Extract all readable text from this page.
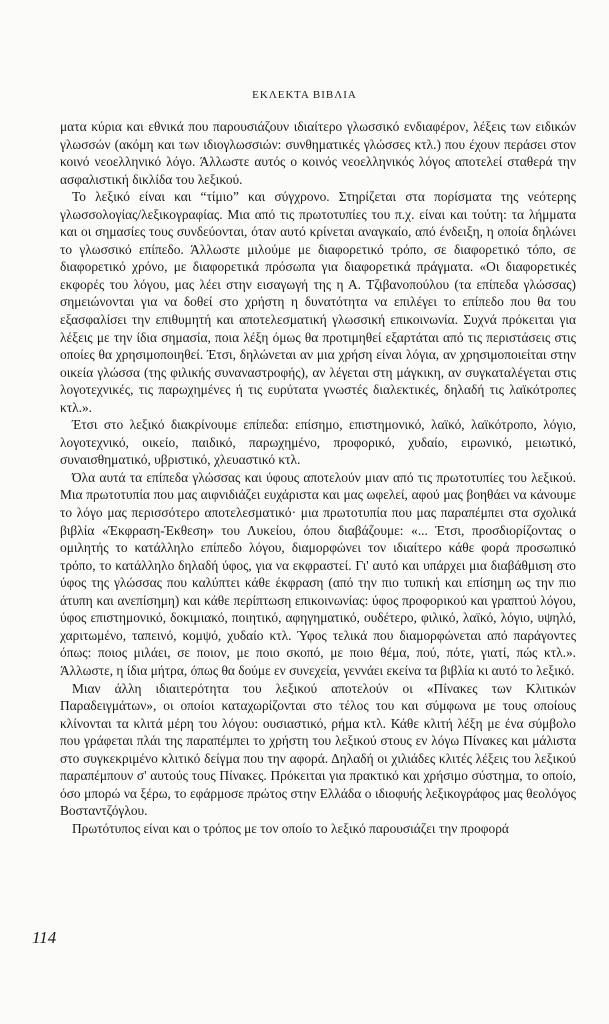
ΕΚΛΕΚΤΑ ΒΙΒΛΙΑ

ματα κύρια και εθνικά που παρουσιάζουν ιδιαίτερο γλωσσικό ενδιαφέρον, λέξεις των ειδικών γλωσσών (ακόμη και των ιδιογλωσσιών: συνθηματικές γλώσσες κτλ.) που έχουν περάσει στον κοινό νεοελληνικό λόγο. Άλλωστε αυτός ο κοινός νεοελληνικός λόγος αποτελεί σταθερά την ασφαλιστική δικλίδα του λεξικού.

Το λεξικό είναι και “τίμιο” και σύγχρονο. Στηρίζεται στα πορίσματα της νεότερης γλωσσολογίας/λεξικογραφίας. Μια από τις πρωτοτυπίες του π.χ. είναι και τούτη: τα λήμματα και οι σημασίες τους συνδεύονται, όταν αυτό κρίνεται αναγκαίο, από ένδειξη, η οποία δηλώνει το γλωσσικό επίπεδο. Άλλωστε μιλούμε με διαφορετικό τρόπο, σε διαφορετικό τόπο, σε διαφορετικό χρόνο, με διαφορετικά πρόσωπα για διαφορετικά πράγματα. «Οι διαφορετικές εκφορές του λόγου, μας λέει στην εισαγωγή της η Α. Τζιβανοπούλου (τα επίπεδα γλώσσας) σημειώνονται για να δοθεί στο χρήστη η δυνατότητα να επιλέγει το επίπεδο που θα του εξασφαλίσει την επιθυμητή και αποτελεσματική γλωσσική επικοινωνία. Συχνά πρόκειται για λέξεις με την ίδια σημασία, ποια λέξη όμως θα προτιμηθεί εξαρτάται από τις περιστάσεις στις οποίες θα χρησιμοποιηθεί. Έτσι, δηλώνεται αν μια χρήση είναι λόγια, αν χρησιμοποιείται στην οικεία γλώσσα (της φιλικής συναναστροφής), αν λέγεται στη μάγκικη, αν συγκαταλέγεται στις λογοτεχνικές, τις παρωχημένες ή τις ευρύτατα γνωστές διαλεκτικές, δηλαδή τις λαϊκότροπες κτλ.».

Έτσι στο λεξικό διακρίνουμε επίπεδα: επίσημο, επιστημονικό, λαϊκό, λαϊκότροπο, λόγιο, λογοτεχνικό, οικείο, παιδικό, παρωχημένο, προφορικό, χυδαίο, ειρωνικό, μειωτικό, συναισθηματικό, υβριστικό, χλευαστικό κτλ.

Όλα αυτά τα επίπεδα γλώσσας και ύφους αποτελούν μιαν από τις πρωτοτυπίες του λεξικού. Μια πρωτοτυπία που μας αιφνιδιάζει ευχάριστα και μας ωφελεί, αφού μας βοηθάει να κάνουμε το λόγο μας περισσότερο αποτελεσματικό· μια πρωτοτυπία που μας παραπέμπει στα σχολικά βιβλία «Έκφραση-Έκθεση» του Λυκείου, όπου διαβάζουμε: «... Έτσι, προσδιορίζοντας ο ομιλητής το κατάλληλο επίπεδο λόγου, διαμορφώνει τον ιδιαίτερο κάθε φορά προσωπικό τρόπο, το κατάλληλο δηλαδή ύφος, για να εκφραστεί. Γι' αυτό και υπάρχει μια διαβάθμιση στο ύφος της γλώσσας που καλύπτει κάθε έκφραση (από την πιο τυπική και επίσημη ως την πιο άτυπη και ανεπίσημη) και κάθε περίπτωση επικοινωνίας: ύφος προφορικού και γραπτού λόγου, ύφος επιστημονικό, δοκιμιακό, ποιητικό, αφηγηματικό, ουδέτερο, φιλικό, λαϊκό, λόγιο, υψηλό, χαριτωμένο, ταπεινό, κομψό, χυδαίο κτλ. Ύφος τελικά που διαμορφώνεται από παράγοντες όπως: ποιος μιλάει, σε ποιον, με ποιο σκοπό, με ποιο θέμα, πού, πότε, γιατί, πώς κτλ.». Άλλωστε, η ίδια μήτρα, όπως θα δούμε εν συνεχεία, γεννάει εκείνα τα βιβλία κι αυτό το λεξικό.

Μιαν άλλη ιδιαιτερότητα του λεξικού αποτελούν οι «Πίνακες των Κλιτικών Παραδειγμάτων», οι οποίοι καταχωρίζονται στο τέλος του και σύμφωνα με τους οποίους κλίνονται τα κλιτά μέρη του λόγου: ουσιαστικό, ρήμα κτλ. Κάθε κλιτή λέξη με ένα σύμβολο που γράφεται πλάι της παραπέμπει το χρήστη του λεξικού στους εν λόγω Πίνακες και μάλιστα στο συγκεκριμένο κλιτικό δείγμα που την αφορά. Δηλαδή οι χιλιάδες κλιτές λέξεις του λεξικού παραπέμπουν σ' αυτούς τους Πίνακες. Πρόκειται για πρακτικό και χρήσιμο σύστημα, το οποίο, όσο μπορώ να ξέρω, το εφάρμοσε πρώτος στην Ελλάδα ο ιδιοφυής λεξικογράφος μας θεολόγος Βοσταντζόγλου.

Πρωτότυπος είναι και ο τρόπος με τον οποίο το λεξικό παρουσιάζει την προφορά

114
